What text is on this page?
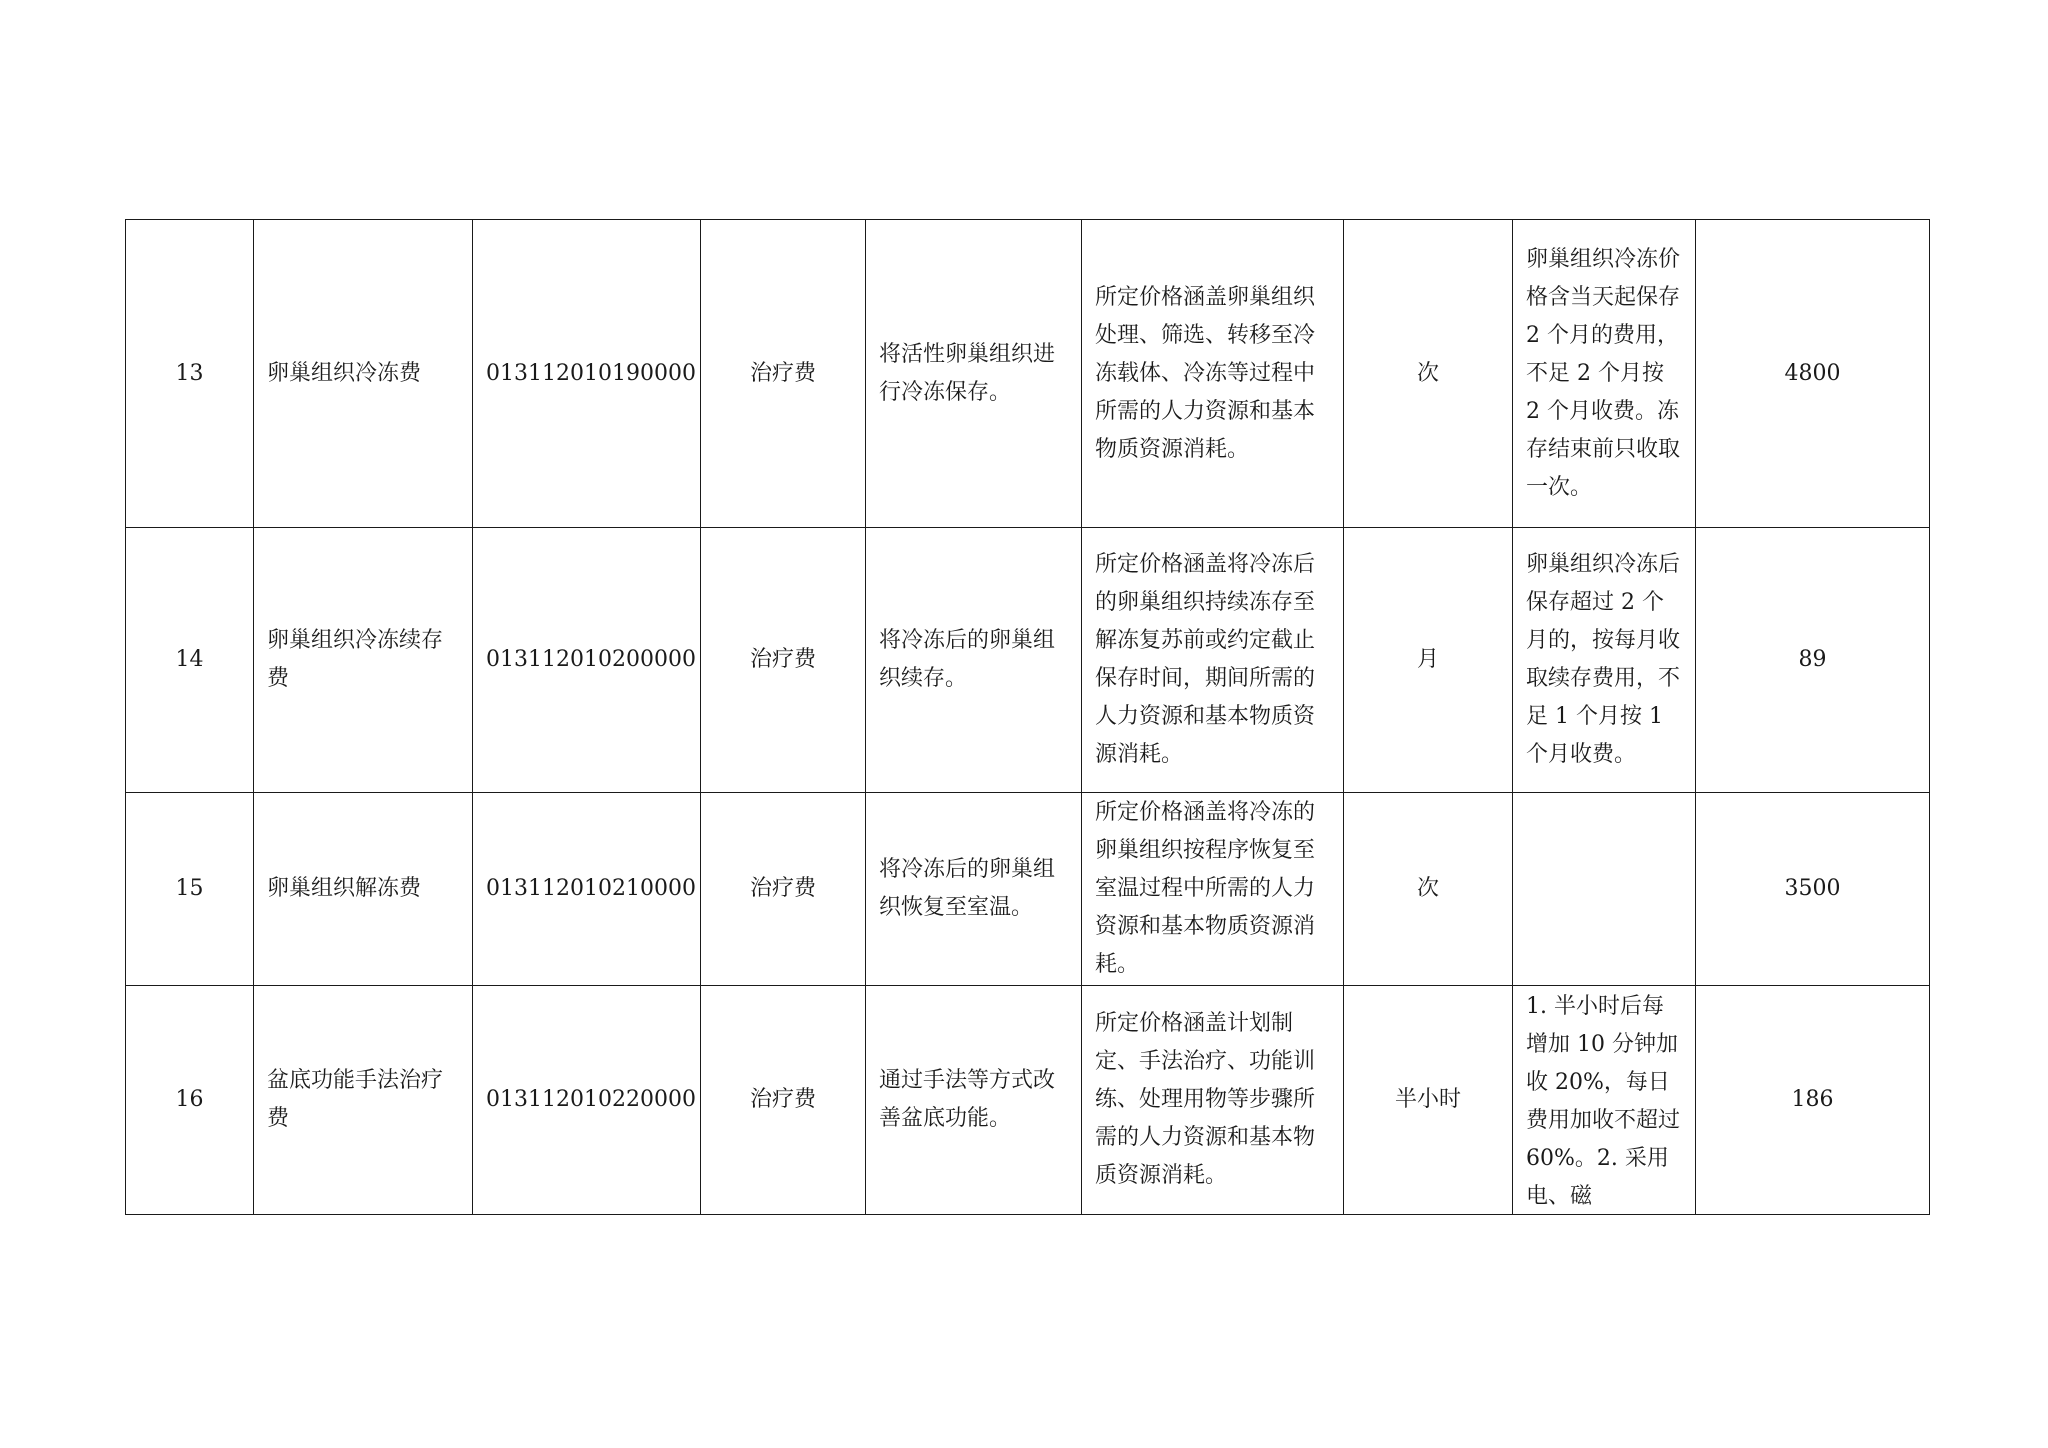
13	卵巢组织冷冻费	013112010190000	治疗费	将活性卵巢组织进行冷冻保存。	所定价格涵盖卵巢组织处理、筛选、转移至冷冻载体、冷冻等过程中所需的人力资源和基本物质资源消耗。	次	卵巢组织冷冻价格含当天起保存 2 个月的费用，不足 2 个月按 2 个月收费。冻存结束前只收取一次。	4800
14	卵巢组织冷冻续存费	013112010200000	治疗费	将冷冻后的卵巢组织续存。	所定价格涵盖将冷冻后的卵巢组织持续冻存至解冻复苏前或约定截止保存时间，期间所需的人力资源和基本物质资源消耗。	月	卵巢组织冷冻后保存超过 2 个月的，按每月收取续存费用，不足 1 个月按 1 个月收费。	89
15	卵巢组织解冻费	013112010210000	治疗费	将冷冻后的卵巢组织恢复至室温。	所定价格涵盖将冷冻的卵巢组织按程序恢复至室温过程中所需的人力资源和基本物质资源消耗。	次		3500
16	盆底功能手法治疗费	013112010220000	治疗费	通过手法等方式改善盆底功能。	所定价格涵盖计划制定、手法治疗、功能训练、处理用物等步骤所需的人力资源和基本物质资源消耗。	半小时	1. 半小时后每增加 10 分钟加收 20%，每日费用加收不超过 60%。2. 采用电、磁	186
